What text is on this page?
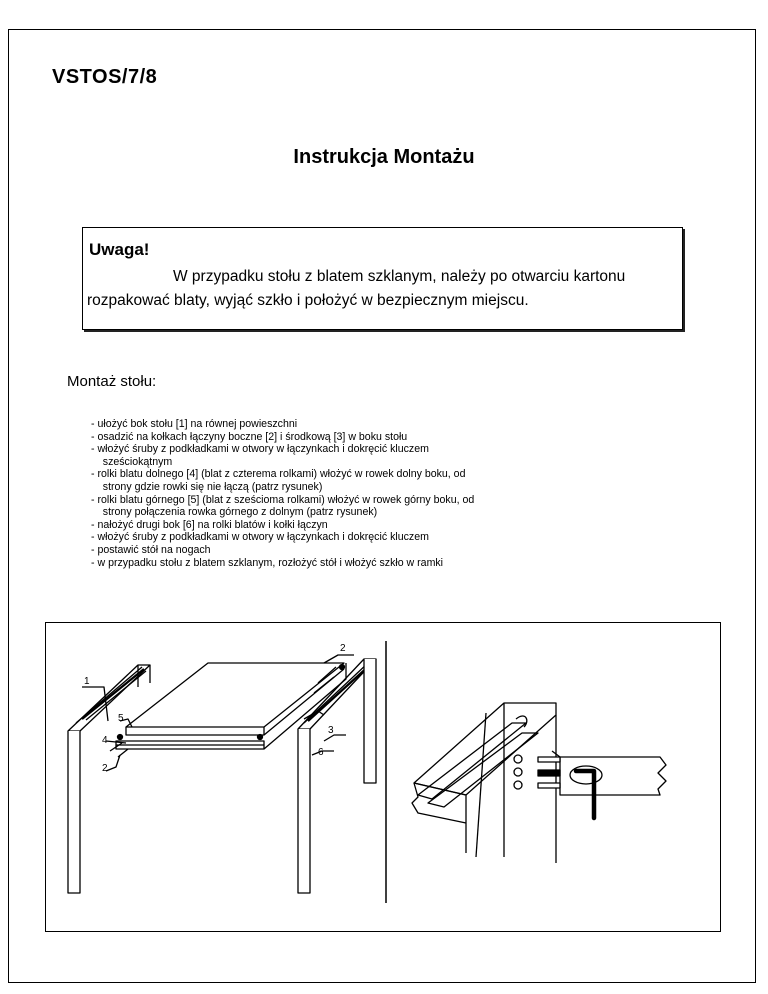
VSTOS/7/8
Instrukcja Montażu
Uwaga!
W przypadku stołu z blatem szklanym, należy po otwarciu kartonu rozpakować blaty, wyjąć szkło i położyć w bezpiecznym miejscu.
Montaż stołu:
- ułożyć bok stołu [1] na równej powieszchni
- osadzić na kołkach łączyny boczne [2] i środkową [3] w boku stołu
- włożyć śruby z podkładkami w otwory w łączynkach i dokręcić kluczem
sześciokątnym
- rolki blatu dolnego [4] (blat z czterema rolkami) włożyć w rowek dolny boku, od
strony gdzie rowki się nie łączą (patrz rysunek)
- rolki blatu górnego [5] (blat z sześcioma rolkami) włożyć w rowek górny boku, od
strony połączenia rowka górnego z dolnym (patrz rysunek)
- nałożyć drugi bok [6] na rolki blatów i kołki łączyn
- włożyć śruby z podkładkami w otwory w łączynkach i dokręcić kluczem
- postawić stół na nogach
- w przypadku stołu z blatem szklanym, rozłożyć stół i włożyć szkło w ramki
1
2
2
3
4
5
6
